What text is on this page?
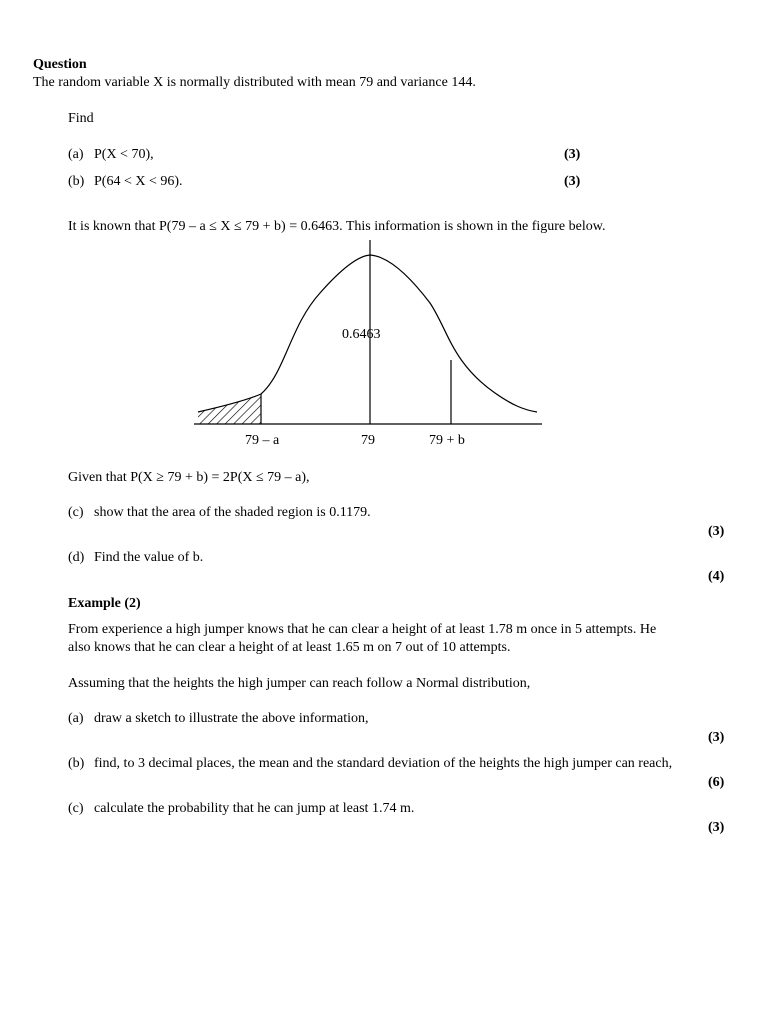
Question
The random variable X is normally distributed with mean 79 and variance 144.
Find
(a) P(X < 70),	(3)
(b) P(64 < X < 96).	(3)
It is known that P(79 – a ≤ X ≤ 79 + b) = 0.6463. This information is shown in the figure below.
0.6463
79 – a	79	79 + b
Given that P(X ≥ 79 + b) = 2P(X ≤ 79 – a),
(c) show that the area of the shaded region is 0.1179.
(3)
(d) Find the value of b.
(4)
Example (2)
From experience a high jumper knows that he can clear a height of at least 1.78 m once in 5 attempts. He
also knows that he can clear a height of at least 1.65 m on 7 out of 10 attempts.
Assuming that the heights the high jumper can reach follow a Normal distribution,
(a) draw a sketch to illustrate the above information,
(3)
(b) find, to 3 decimal places, the mean and the standard deviation of the heights the high jumper can reach,
(6)
(c) calculate the probability that he can jump at least 1.74 m.
(3)
